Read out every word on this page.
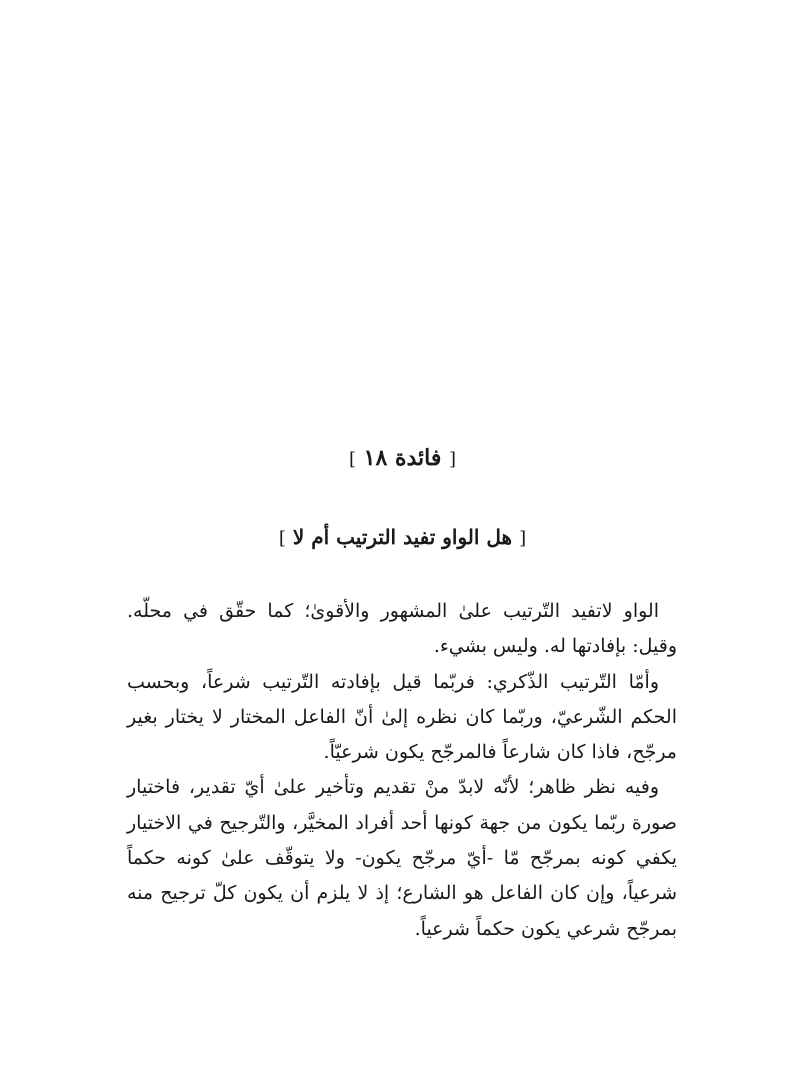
[ فائدة ١٨ ]
[ هل الواو تفيد الترتيب أم لا ]

الواو لاتفيد التّرتيب علىٰ المشهور والأقوىٰ؛ كما حقّق في محلّه. وقيل: بإفادتها له. وليس بشيء.

وأمّا التّرتيب الذّكري: فربّما قيل بإفادته التّرتيب شرعاً، وبحسب الحكم الشّرعيّ، وربّما كان نظره إلىٰ أنّ الفاعل المختار لا يختار بغير مرجّح، فاذا كان شارعاً فالمرجّح يكون شرعيّاً.

وفيه نظر ظاهر؛ لأنّه لابدّ منْ تقديم وتأخير علىٰ أيّ تقدير، فاختيار صورة ربّما يكون من جهة كونها أحد أفراد المخيَّر، والتّرجيح في الاختيار يكفي كونه بمرجّح مّا -أيّ مرجّح يكون- ولا يتوقّف علىٰ كونه حكماً شرعياً، وإن كان الفاعل هو الشارع؛ إذ لا يلزم أن يكون كلّ ترجيح منه بمرجّح شرعي يكون حكماً شرعياً.
